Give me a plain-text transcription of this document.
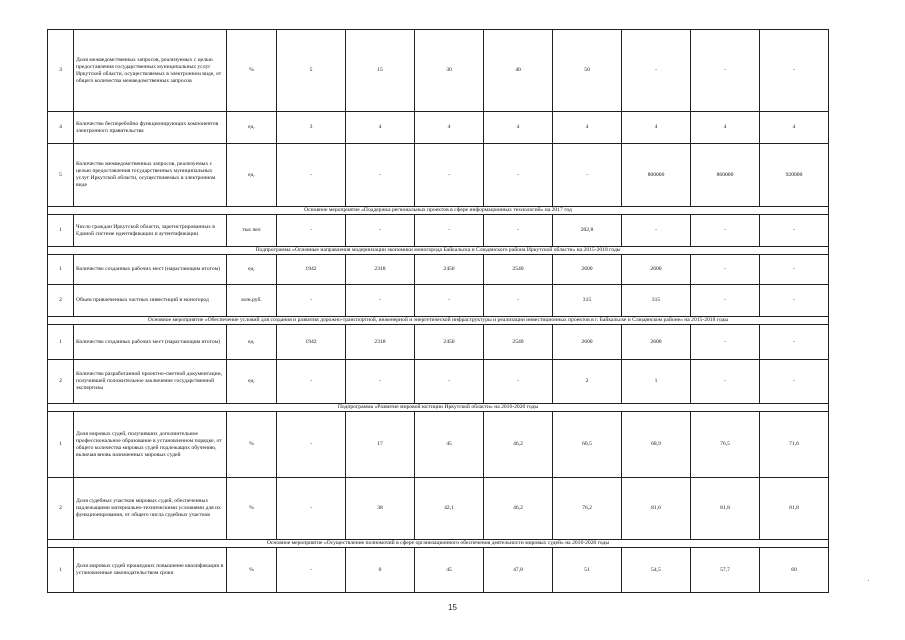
3	Доля межведомственных запросов, реализуемых с целью предоставления государственных муниципальных услуг Иркутской области, осуществляемых в электронном виде, от общего количества межведомственных запросов	%	5	15	30	40	50	-	-	-
4	Количество бесперебойно функционирующих компонентов электронного правительства	ед.	3	4	4	4	4	4	4	4
5	Количество межведомственных запросов, реализуемых с целью предоставления государственных муниципальных услуг Иркутской области, осуществляемых в электронном виде	ед.	-	-	-	-	-	800000	860000	920000
Основное мероприятие «Поддержка региональных проектов в сфере информационных технологий» на 2017 год										
1	Число граждан Иркутской области, зарегистрированных в Единой системе идентификации и аутентификации	тыс.чел	-	-	-	-	202,8	-	-	-
Подпрограмма «Основные направления модернизации экономики моногорода Байкальска и Слюдянского района Иркутской области» на 2015-2018 годы										
1	Количество созданных рабочих мест (нарастающим итогом)	ед.	1942	2318	2450	2540	2600	2600	-	-
2	Объем привлеченных частных инвестиций в моногород	млн.руб.	-	-	-	-	315	315	-	-
Основное мероприятие «Обеспечение условий для создания и развития дорожно-транспортной, инженерной и энергетической инфраструктуры и реализации инвестиционных проектов в г. Байкальске и Слюдянском районе» на 2015-2018 годы										
1	Количество созданных рабочих мест (нарастающим итогом)	ед.	1942	2318	2450	2540	2600	2600	-	-
2	Количество разработанной проектно-сметной документации, получившей положительное заключение государственной экспертизы	ед.	-	-	-	-	2	1	-	-
Подпрограмма «Развитие мировой юстиции Иркутской области» на 2016-2020 годы										
1	Доля мировых судей, получивших дополнительное профессиональное образование в установленном порядке, от общего количества мировых судей подлежащих обучению, включая вновь назначенных мировых судей	%	-	17	45	46,2	60,5	68,9	76,5	71,6
2	Доля судебных участков мировых судей, обеспеченных надлежащими материально-техническими условиями для их функционирования, от общего числа судебных участков	%	-	38	42,1	46,2	76,2	81,6	81,8	81,8
Основное мероприятие «Осуществление полномочий в сфере организационного обеспечения деятельности мировых судей» на 2016-2020 годы										
1	Доля мировых судей прошедших повышение квалификации в установленные законодательством сроки	%	-	0	45	47,8	51	54,5	57,7	60
15
